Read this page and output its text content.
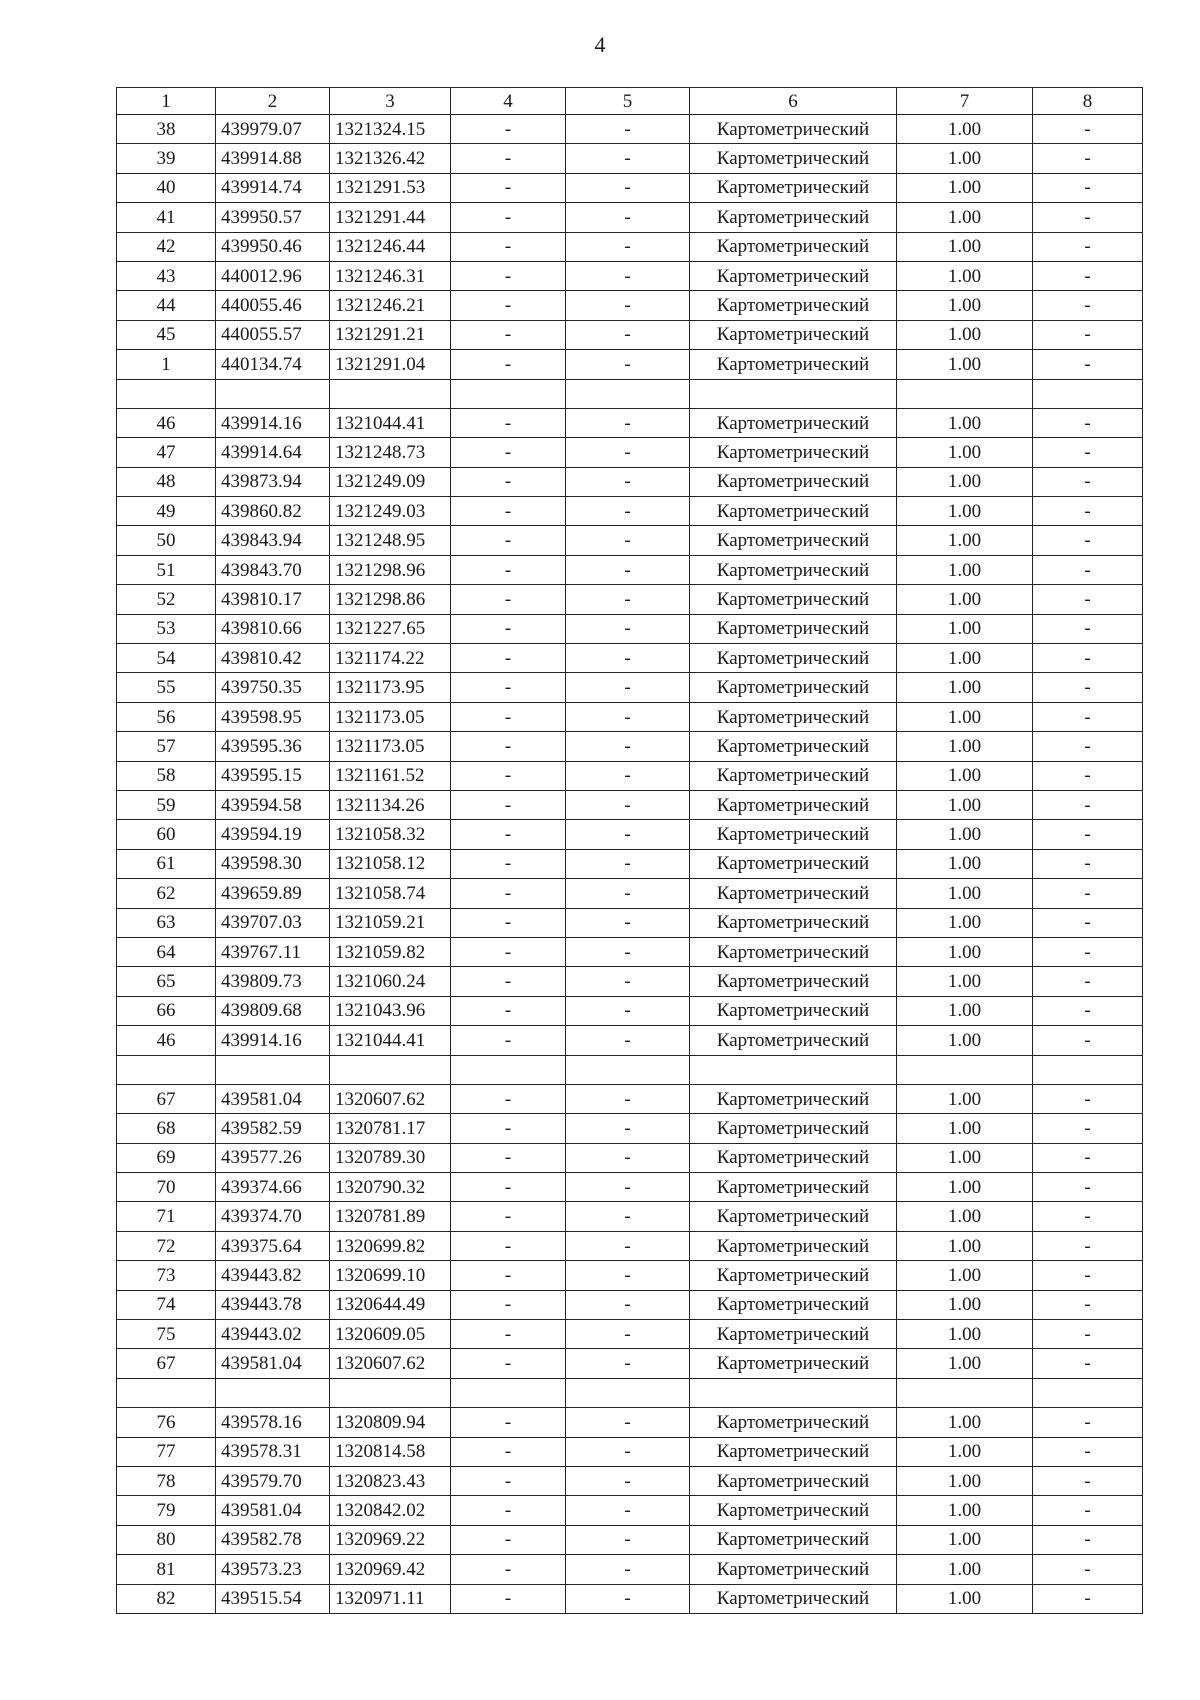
4
1	2	3	4	5	6	7	8
38	439979.07	1321324.15	-	-	Картометрический	1.00	-
39	439914.88	1321326.42	-	-	Картометрический	1.00	-
40	439914.74	1321291.53	-	-	Картометрический	1.00	-
41	439950.57	1321291.44	-	-	Картометрический	1.00	-
42	439950.46	1321246.44	-	-	Картометрический	1.00	-
43	440012.96	1321246.31	-	-	Картометрический	1.00	-
44	440055.46	1321246.21	-	-	Картометрический	1.00	-
45	440055.57	1321291.21	-	-	Картометрический	1.00	-
1	440134.74	1321291.04	-	-	Картометрический	1.00	-

46	439914.16	1321044.41	-	-	Картометрический	1.00	-
47	439914.64	1321248.73	-	-	Картометрический	1.00	-
48	439873.94	1321249.09	-	-	Картометрический	1.00	-
49	439860.82	1321249.03	-	-	Картометрический	1.00	-
50	439843.94	1321248.95	-	-	Картометрический	1.00	-
51	439843.70	1321298.96	-	-	Картометрический	1.00	-
52	439810.17	1321298.86	-	-	Картометрический	1.00	-
53	439810.66	1321227.65	-	-	Картометрический	1.00	-
54	439810.42	1321174.22	-	-	Картометрический	1.00	-
55	439750.35	1321173.95	-	-	Картометрический	1.00	-
56	439598.95	1321173.05	-	-	Картометрический	1.00	-
57	439595.36	1321173.05	-	-	Картометрический	1.00	-
58	439595.15	1321161.52	-	-	Картометрический	1.00	-
59	439594.58	1321134.26	-	-	Картометрический	1.00	-
60	439594.19	1321058.32	-	-	Картометрический	1.00	-
61	439598.30	1321058.12	-	-	Картометрический	1.00	-
62	439659.89	1321058.74	-	-	Картометрический	1.00	-
63	439707.03	1321059.21	-	-	Картометрический	1.00	-
64	439767.11	1321059.82	-	-	Картометрический	1.00	-
65	439809.73	1321060.24	-	-	Картометрический	1.00	-
66	439809.68	1321043.96	-	-	Картометрический	1.00	-
46	439914.16	1321044.41	-	-	Картометрический	1.00	-

67	439581.04	1320607.62	-	-	Картометрический	1.00	-
68	439582.59	1320781.17	-	-	Картометрический	1.00	-
69	439577.26	1320789.30	-	-	Картометрический	1.00	-
70	439374.66	1320790.32	-	-	Картометрический	1.00	-
71	439374.70	1320781.89	-	-	Картометрический	1.00	-
72	439375.64	1320699.82	-	-	Картометрический	1.00	-
73	439443.82	1320699.10	-	-	Картометрический	1.00	-
74	439443.78	1320644.49	-	-	Картометрический	1.00	-
75	439443.02	1320609.05	-	-	Картометрический	1.00	-
67	439581.04	1320607.62	-	-	Картометрический	1.00	-

76	439578.16	1320809.94	-	-	Картометрический	1.00	-
77	439578.31	1320814.58	-	-	Картометрический	1.00	-
78	439579.70	1320823.43	-	-	Картометрический	1.00	-
79	439581.04	1320842.02	-	-	Картометрический	1.00	-
80	439582.78	1320969.22	-	-	Картометрический	1.00	-
81	439573.23	1320969.42	-	-	Картометрический	1.00	-
82	439515.54	1320971.11	-	-	Картометрический	1.00	-
